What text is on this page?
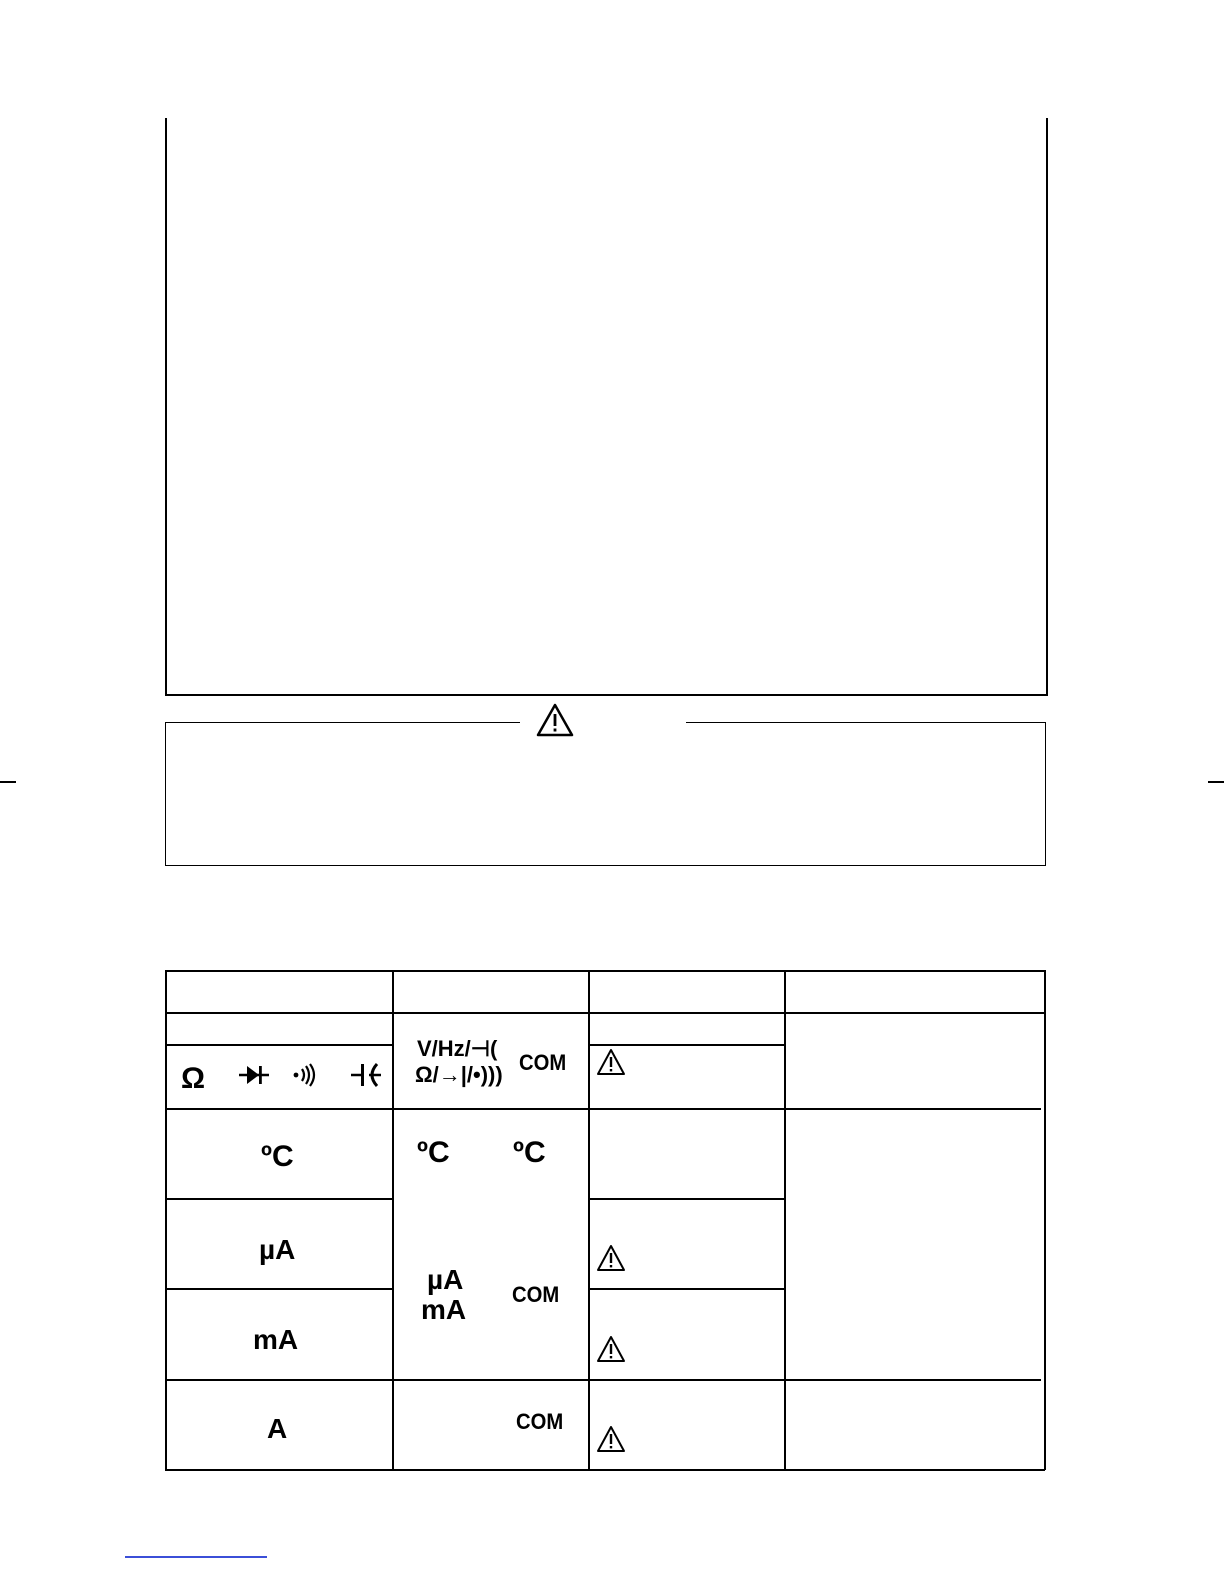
Ω
V/Hz/⊣(
Ω/→|/•))) COM
ºC	ºC ºC
µA
µA
mA COM
mA
A	COM
